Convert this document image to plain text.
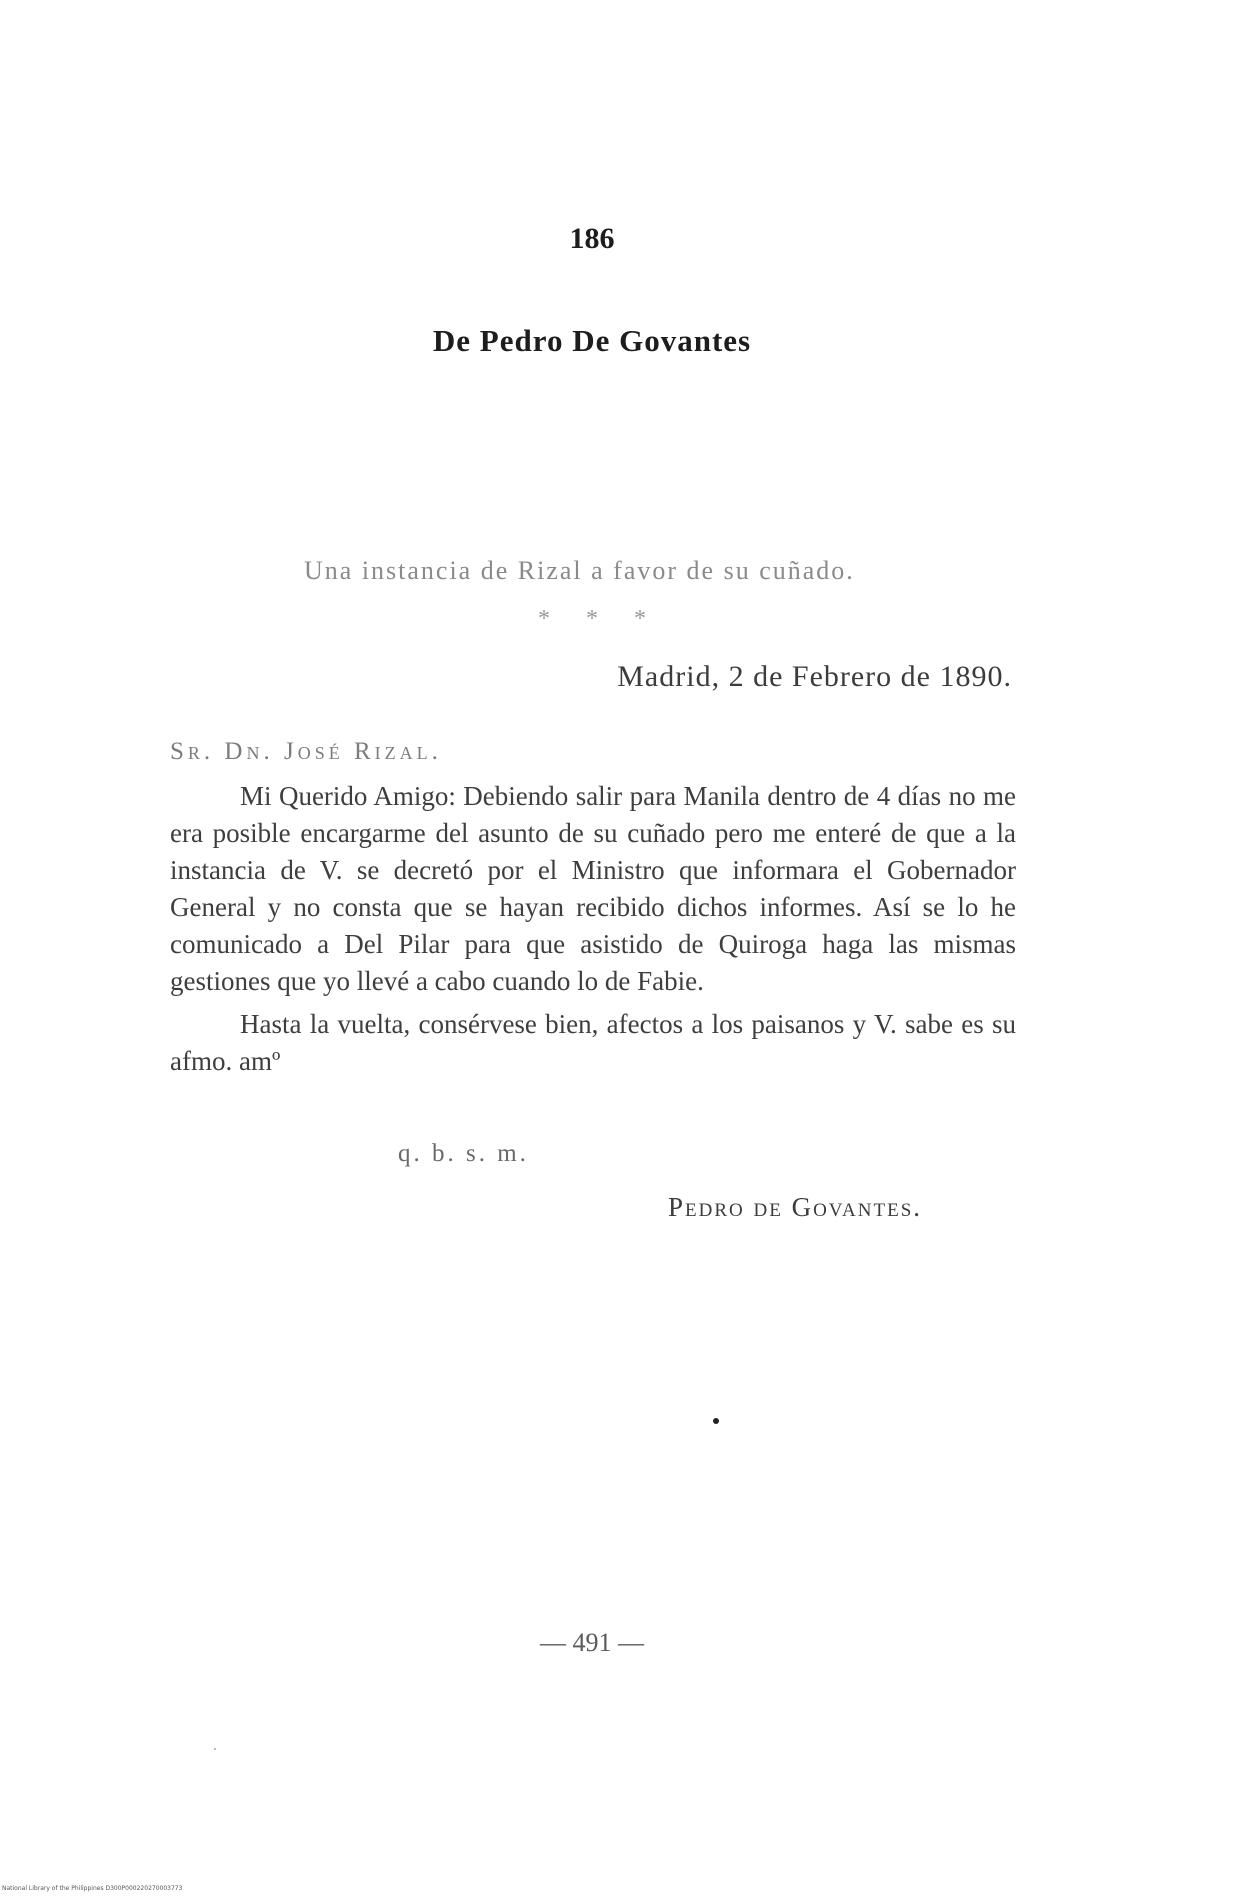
186
De Pedro De Govantes
Una instancia de Rizal a favor de su cuñado.
* * *
Madrid, 2 de Febrero de 1890.
Sr. Dn. José Rizal.

Mi Querido Amigo: Debiendo salir para Manila dentro de 4 días no me era posible encargarme del asunto de su cuñado pero me enteré de que a la instancia de V. se decretó por el Ministro que informara el Gobernador General y no consta que se hayan recibido dichos informes. Así se lo he comunicado a Del Pilar para que asistido de Quiroga haga las mismas gestiones que yo llevé a cabo cuando lo de Fabie.

Hasta la vuelta, consérvese bien, afectos a los paisanos y V. sabe es su afmo. amº

q. b. s. m.
Pedro de Govantes.
— 491 —
National Library of the Philippines D300P000220270003773
